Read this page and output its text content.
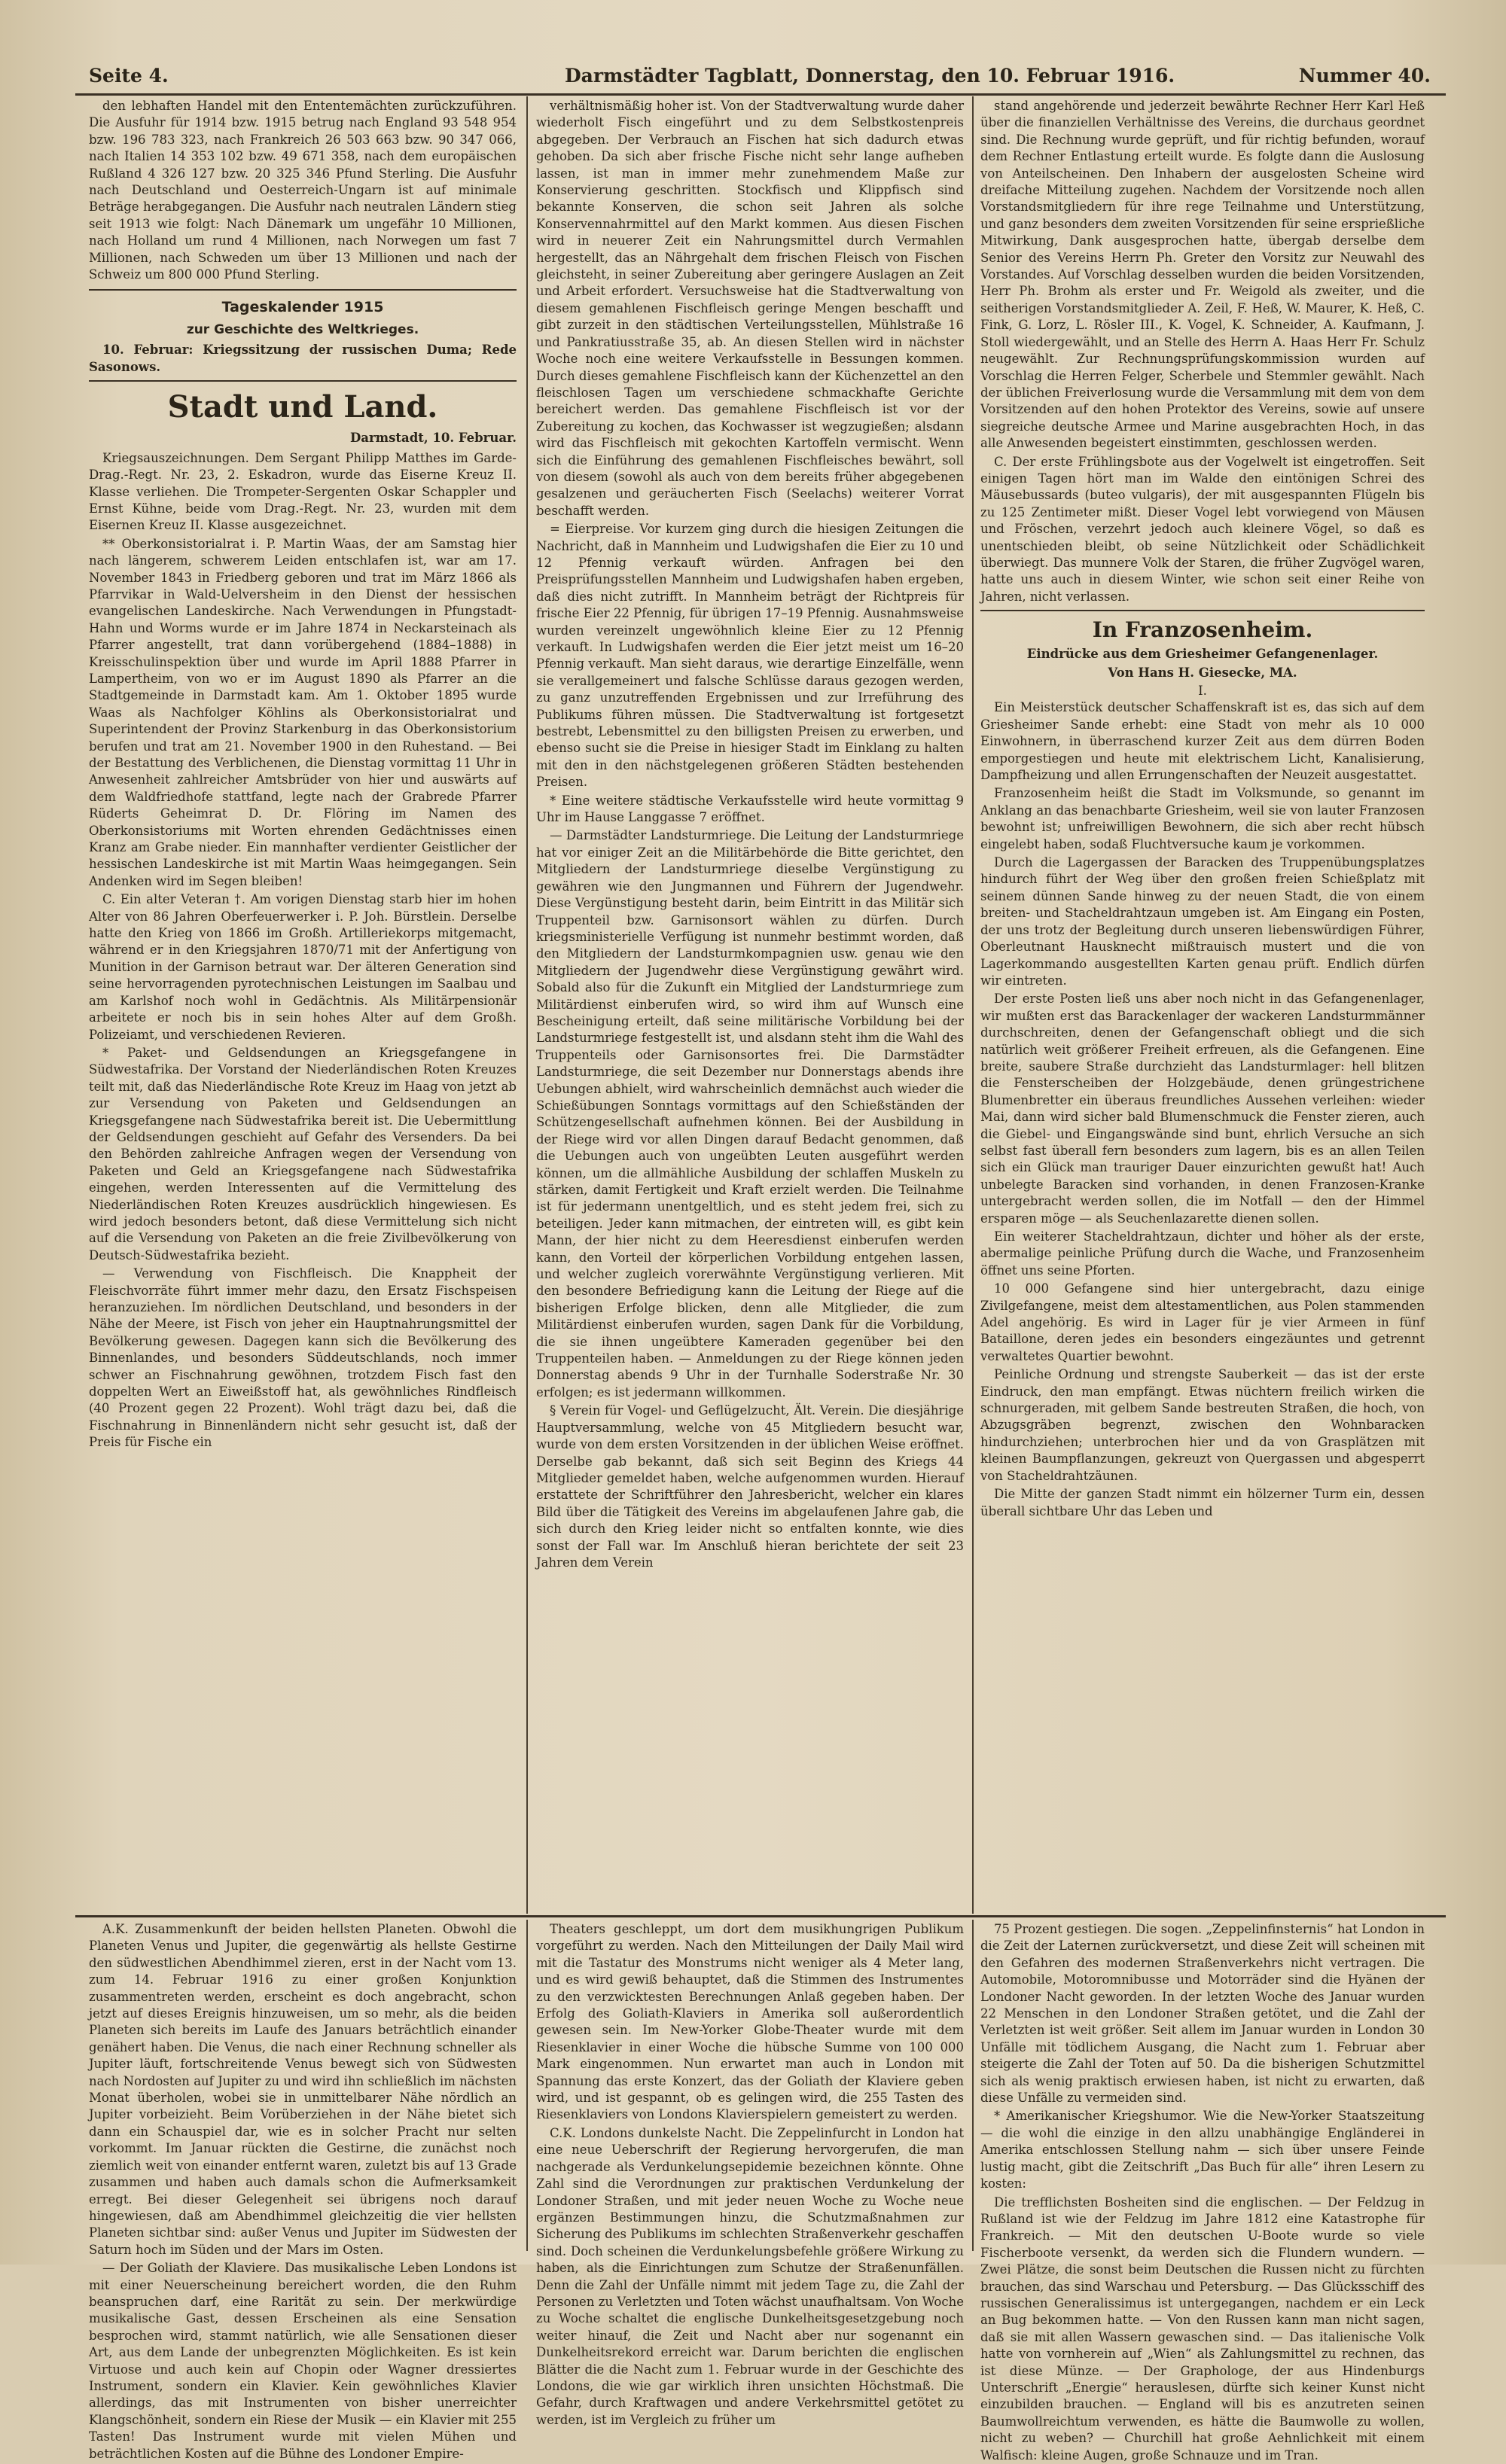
Seite 4.	Darmstädter Tagblatt, Donnerstag, den 10. Februar 1916.	Nummer 40.

den lebhaften Handel mit den Ententemächten zurückzuführen. Die Ausfuhr für 1914 bzw. 1915 betrug nach England 93 548 954 bzw. 196 783 323, nach Frankreich 26 503 663 bzw. 90 347 066, nach Italien 14 353 102 bzw. 49 671 358, nach dem europäischen Rußland 4 326 127 bzw. 20 325 346 Pfund Sterling. Die Ausfuhr nach Deutschland und Oesterreich-Ungarn ist auf minimale Beträge herabgegangen. Die Ausfuhr nach neutralen Ländern stieg seit 1913 wie folgt: Nach Dänemark um ungefähr 10 Millionen, nach Holland um rund 4 Millionen, nach Norwegen um fast 7 Millionen, nach Schweden um über 13 Millionen und nach der Schweiz um 800 000 Pfund Sterling.

Tageskalender 1915
zur Geschichte des Weltkrieges.

10. Februar: Kriegssitzung der russischen Duma; Rede Sasonows.

Stadt und Land.
Darmstadt, 10. Februar.

Kriegsauszeichnungen. Dem Sergant Philipp Matthes im Garde-Drag.-Regt. Nr. 23, 2. Eskadron, wurde das Eiserne Kreuz II. Klasse verliehen. Die Trompeter-Sergenten Oskar Schappler und Ernst Kühne, beide vom Drag.-Regt. Nr. 23, wurden mit dem Eisernen Kreuz II. Klasse ausgezeichnet.

** Oberkonsistorialrat i. P. Martin Waas, der am Samstag hier nach längerem, schwerem Leiden entschlafen ist, war am 17. November 1843 in Friedberg geboren und trat im März 1866 als Pfarrvikar in Wald-Uelversheim in den Dienst der hessischen evangelischen Landeskirche. Nach Verwendungen in Pfungstadt-Hahn und Worms wurde er im Jahre 1874 in Neckarsteinach als Pfarrer angestellt, trat dann vorübergehend (1884–1888) in Kreisschulinspektion über und wurde im April 1888 Pfarrer in Lampertheim, von wo er im August 1890 als Pfarrer an die Stadtgemeinde in Darmstadt kam. Am 1. Oktober 1895 wurde Waas als Nachfolger Köhlins als Oberkonsistorialrat und Superintendent der Provinz Starkenburg in das Oberkonsistorium berufen und trat am 21. November 1900 in den Ruhestand. — Bei der Bestattung des Verblichenen, die Dienstag vormittag 11 Uhr in Anwesenheit zahlreicher Amtsbrüder von hier und auswärts auf dem Waldfriedhofe stattfand, legte nach der Grabrede Pfarrer Rüderts Geheimrat D. Dr. Flöring im Namen des Oberkonsistoriums mit Worten ehrenden Gedächtnisses einen Kranz am Grabe nieder. Ein mannhafter verdienter Geistlicher der hessischen Landeskirche ist mit Martin Waas heimgegangen. Sein Andenken wird im Segen bleiben!

C. Ein alter Veteran †. Am vorigen Dienstag starb hier im hohen Alter von 86 Jahren Oberfeuerwerker i. P. Joh. Bürstlein. Derselbe hatte den Krieg von 1866 im Großh. Artilleriekorps mitgemacht, während er in den Kriegsjahren 1870/71 mit der Anfertigung von Munition in der Garnison betraut war. Der älteren Generation sind seine hervorragenden pyrotechnischen Leistungen im Saalbau und am Karlshof noch wohl in Gedächtnis. Als Militärpensionär arbeitete er noch bis in sein hohes Alter auf dem Großh. Polizeiamt, und verschiedenen Revieren.

* Paket- und Geldsendungen an Kriegsgefangene in Südwestafrika. Der Vorstand der Niederländischen Roten Kreuzes teilt mit, daß das Niederländische Rote Kreuz im Haag von jetzt ab zur Versendung von Paketen und Geldsendungen an Kriegsgefangene nach Südwestafrika bereit ist. Die Uebermittlung der Geldsendungen geschieht auf Gefahr des Versenders. Da bei den Behörden zahlreiche Anfragen wegen der Versendung von Paketen und Geld an Kriegsgefangene nach Südwestafrika eingehen, werden Interessenten auf die Vermittelung des Niederländischen Roten Kreuzes ausdrücklich hingewiesen. Es wird jedoch besonders betont, daß diese Vermittelung sich nicht auf die Versendung von Paketen an die freie Zivilbevölkerung von Deutsch-Südwestafrika bezieht.

— Verwendung von Fischfleisch. Die Knappheit der Fleischvorräte führt immer mehr dazu, den Ersatz Fischspeisen heranzuziehen. Im nördlichen Deutschland, und besonders in der Nähe der Meere, ist Fisch von jeher ein Hauptnahrungsmittel der Bevölkerung gewesen. Dagegen kann sich die Bevölkerung des Binnenlandes, und besonders Süddeutschlands, noch immer schwer an Fischnahrung gewöhnen, trotzdem Fisch fast den doppelten Wert an Eiweißstoff hat, als gewöhnliches Rindfleisch (40 Prozent gegen 22 Prozent). Wohl trägt dazu bei, daß die Fischnahrung in Binnenländern nicht sehr gesucht ist, daß der Preis für Fische ein

verhältnismäßig hoher ist. Von der Stadtverwaltung wurde daher wiederholt Fisch eingeführt und zu dem Selbstkostenpreis abgegeben. Der Verbrauch an Fischen hat sich dadurch etwas gehoben. Da sich aber frische Fische nicht sehr lange aufheben lassen, ist man in immer mehr zunehmendem Maße zur Konservierung geschritten. Stockfisch und Klippfisch sind bekannte Konserven, die schon seit Jahren als solche Konservennahrmittel auf den Markt kommen. Aus diesen Fischen wird in neuerer Zeit ein Nahrungsmittel durch Vermahlen hergestellt, das an Nährgehalt dem frischen Fleisch von Fischen gleichsteht, in seiner Zubereitung aber geringere Auslagen an Zeit und Arbeit erfordert. Versuchsweise hat die Stadtverwaltung von diesem gemahlenen Fischfleisch geringe Mengen beschafft und gibt zurzeit in den städtischen Verteilungsstellen, Mühlstraße 16 und Pankratiusstraße 35, ab. An diesen Stellen wird in nächster Woche noch eine weitere Verkaufsstelle in Bessungen kommen. Durch dieses gemahlene Fischfleisch kann der Küchenzettel an den fleischlosen Tagen um verschiedene schmackhafte Gerichte bereichert werden. Das gemahlene Fischfleisch ist vor der Zubereitung zu kochen, das Kochwasser ist wegzugießen; alsdann wird das Fischfleisch mit gekochten Kartoffeln vermischt. Wenn sich die Einführung des gemahlenen Fischfleisches bewährt, soll von diesem (sowohl als auch von dem bereits früher abgegebenen gesalzenen und geräucherten Fisch (Seelachs) weiterer Vorrat beschafft werden.

= Eierpreise. Vor kurzem ging durch die hiesigen Zeitungen die Nachricht, daß in Mannheim und Ludwigshafen die Eier zu 10 und 12 Pfennig verkauft würden. Anfragen bei den Preisprüfungsstellen Mannheim und Ludwigshafen haben ergeben, daß dies nicht zutrifft. In Mannheim beträgt der Richtpreis für frische Eier 22 Pfennig, für übrigen 17–19 Pfennig. Ausnahmsweise wurden vereinzelt ungewöhnlich kleine Eier zu 12 Pfennig verkauft. In Ludwigshafen werden die Eier jetzt meist um 16–20 Pfennig verkauft. Man sieht daraus, wie derartige Einzelfälle, wenn sie verallgemeinert und falsche Schlüsse daraus gezogen werden, zu ganz unzutreffenden Ergebnissen und zur Irreführung des Publikums führen müssen. Die Stadtverwaltung ist fortgesetzt bestrebt, Lebensmittel zu den billigsten Preisen zu erwerben, und ebenso sucht sie die Preise in hiesiger Stadt im Einklang zu halten mit den in den nächstgelegenen größeren Städten bestehenden Preisen.

* Eine weitere städtische Verkaufsstelle wird heute vormittag 9 Uhr im Hause Langgasse 7 eröffnet.

— Darmstädter Landsturmriege. Die Leitung der Landsturmriege hat vor einiger Zeit an die Militärbehörde die Bitte gerichtet, den Mitgliedern der Landsturmriege dieselbe Vergünstigung zu gewähren wie den Jungmannen und Führern der Jugendwehr. Diese Vergünstigung besteht darin, beim Eintritt in das Militär sich Truppenteil bzw. Garnisonsort wählen zu dürfen. Durch kriegsministerielle Verfügung ist nunmehr bestimmt worden, daß den Mitgliedern der Landsturmkompagnien usw. genau wie den Mitgliedern der Jugendwehr diese Vergünstigung gewährt wird. Sobald also für die Zukunft ein Mitglied der Landsturmriege zum Militärdienst einberufen wird, so wird ihm auf Wunsch eine Bescheinigung erteilt, daß seine militärische Vorbildung bei der Landsturmriege festgestellt ist, und alsdann steht ihm die Wahl des Truppenteils oder Garnisonsortes frei. Die Darmstädter Landsturmriege, die seit Dezember nur Donnerstags abends ihre Uebungen abhielt, wird wahrscheinlich demnächst auch wieder die Schießübungen Sonntags vormittags auf den Schießständen der Schützengesellschaft aufnehmen können. Bei der Ausbildung in der Riege wird vor allen Dingen darauf Bedacht genommen, daß die Uebungen auch von ungeübten Leuten ausgeführt werden können, um die allmähliche Ausbildung der schlaffen Muskeln zu stärken, damit Fertigkeit und Kraft erzielt werden. Die Teilnahme ist für jedermann unentgeltlich, und es steht jedem frei, sich zu beteiligen. Jeder kann mitmachen, der eintreten will, es gibt kein Mann, der hier nicht zu dem Heeresdienst einberufen werden kann, den Vorteil der körperlichen Vorbildung entgehen lassen, und welcher zugleich vorerwähnte Vergünstigung verlieren. Mit den besondere Befriedigung kann die Leitung der Riege auf die bisherigen Erfolge blicken, denn alle Mitglieder, die zum Militärdienst einberufen wurden, sagen Dank für die Vorbildung, die sie ihnen ungeübtere Kameraden gegenüber bei den Truppenteilen haben. — Anmeldungen zu der Riege können jeden Donnerstag abends 9 Uhr in der Turnhalle Soderstraße Nr. 30 erfolgen; es ist jedermann willkommen.

§ Verein für Vogel- und Geflügelzucht, Ält. Verein. Die diesjährige Hauptversammlung, welche von 45 Mitgliedern besucht war, wurde von dem ersten Vorsitzenden in der üblichen Weise eröffnet. Derselbe gab bekannt, daß sich seit Beginn des Kriegs 44 Mitglieder gemeldet haben, welche aufgenommen wurden. Hierauf erstattete der Schriftführer den Jahresbericht, welcher ein klares Bild über die Tätigkeit des Vereins im abgelaufenen Jahre gab, die sich durch den Krieg leider nicht so entfalten konnte, wie dies sonst der Fall war. Im Anschluß hieran berichtete der seit 23 Jahren dem Verein

stand angehörende und jederzeit bewährte Rechner Herr Karl Heß über die finanziellen Verhältnisse des Vereins, die durchaus geordnet sind. Die Rechnung wurde geprüft, und für richtig befunden, worauf dem Rechner Entlastung erteilt wurde. Es folgte dann die Auslosung von Anteilscheinen. Den Inhabern der ausgelosten Scheine wird dreifache Mitteilung zugehen. Nachdem der Vorsitzende noch allen Vorstandsmitgliedern für ihre rege Teilnahme und Unterstützung, und ganz besonders dem zweiten Vorsitzenden für seine ersprießliche Mitwirkung, Dank ausgesprochen hatte, übergab derselbe dem Senior des Vereins Herrn Ph. Greter den Vorsitz zur Neuwahl des Vorstandes. Auf Vorschlag desselben wurden die beiden Vorsitzenden, Herr Ph. Brohm als erster und Fr. Weigold als zweiter, und die seitherigen Vorstandsmitglieder A. Zeil, F. Heß, W. Maurer, K. Heß, C. Fink, G. Lorz, L. Rösler III., K. Vogel, K. Schneider, A. Kaufmann, J. Stoll wiedergewählt, und an Stelle des Herrn A. Haas Herr Fr. Schulz neugewählt. Zur Rechnungsprüfungskommission wurden auf Vorschlag die Herren Felger, Scherbele und Stemmler gewählt. Nach der üblichen Freiverlosung wurde die Versammlung mit dem von dem Vorsitzenden auf den hohen Protektor des Vereins, sowie auf unsere siegreiche deutsche Armee und Marine ausgebrachten Hoch, in das alle Anwesenden begeistert einstimmten, geschlossen werden.

C. Der erste Frühlingsbote aus der Vogelwelt ist eingetroffen. Seit einigen Tagen hört man im Walde den eintönigen Schrei des Mäusebussards (buteo vulgaris), der mit ausgespannten Flügeln bis zu 125 Zentimeter mißt. Dieser Vogel lebt vorwiegend von Mäusen und Fröschen, verzehrt jedoch auch kleinere Vögel, so daß es unentschieden bleibt, ob seine Nützlichkeit oder Schädlichkeit überwiegt. Das munnere Volk der Staren, die früher Zugvögel waren, hatte uns auch in diesem Winter, wie schon seit einer Reihe von Jahren, nicht verlassen.

In Franzosenheim.
Eindrücke aus dem Griesheimer Gefangenenlager.
Von Hans H. Giesecke, MA.
I.

Ein Meisterstück deutscher Schaffenskraft ist es, das sich auf dem Griesheimer Sande erhebt: eine Stadt von mehr als 10 000 Einwohnern, in überraschend kurzer Zeit aus dem dürren Boden emporgestiegen und heute mit elektrischem Licht, Kanalisierung, Dampfheizung und allen Errungenschaften der Neuzeit ausgestattet.

Franzosenheim heißt die Stadt im Volksmunde, so genannt im Anklang an das benachbarte Griesheim, weil sie von lauter Franzosen bewohnt ist; unfreiwilligen Bewohnern, die sich aber recht hübsch eingelebt haben, sodaß Fluchtversuche kaum je vorkommen.

Durch die Lagergassen der Baracken des Truppenübungsplatzes hindurch führt der Weg über den großen freien Schießplatz mit seinem dünnen Sande hinweg zu der neuen Stadt, die von einem breiten- und Stacheldrahtzaun umgeben ist. Am Eingang ein Posten, der uns trotz der Begleitung durch unseren liebenswürdigen Führer, Oberleutnant Hausknecht mißtrauisch mustert und die von Lagerkommando ausgestellten Karten genau prüft. Endlich dürfen wir eintreten.

Der erste Posten ließ uns aber noch nicht in das Gefangenenlager, wir mußten erst das Barackenlager der wackeren Landsturmmänner durchschreiten, denen der Gefangenschaft obliegt und die sich natürlich weit größerer Freiheit erfreuen, als die Gefangenen. Eine breite, saubere Straße durchzieht das Landsturmlager: hell blitzen die Fensterscheiben der Holzgebäude, denen grüngestrichene Blumenbretter ein überaus freundliches Aussehen verleihen: wieder Mai, dann wird sicher bald Blumenschmuck die Fenster zieren, auch die Giebel- und Eingangswände sind bunt, ehrlich Versuche an sich selbst fast überall fern besonders zum lagern, bis es an allen Teilen sich ein Glück man trauriger Dauer einzurichten gewußt hat! Auch unbelegte Baracken sind vorhanden, in denen Franzosen-Kranke untergebracht werden sollen, die im Notfall — den der Himmel ersparen möge — als Seuchenlazarette dienen sollen.

Ein weiterer Stacheldrahtzaun, dichter und höher als der erste, abermalige peinliche Prüfung durch die Wache, und Franzosenheim öffnet uns seine Pforten.

10 000 Gefangene sind hier untergebracht, dazu einige Zivilgefangene, meist dem altestamentlichen, aus Polen stammenden Adel angehörig. Es wird in Lager für je vier Armeen in fünf Bataillone, deren jedes ein besonders eingezäuntes und getrennt verwaltetes Quartier bewohnt.

Peinliche Ordnung und strengste Sauberkeit — das ist der erste Eindruck, den man empfängt. Etwas nüchtern freilich wirken die schnurgeraden, mit gelbem Sande bestreuten Straßen, die hoch, von Abzugsgräben begrenzt, zwischen den Wohnbaracken hindurchziehen; unterbrochen hier und da von Grasplätzen mit kleinen Baumpflanzungen, gekreuzt von Quergassen und abgesperrt von Stacheldrahtzäunen.

Die Mitte der ganzen Stadt nimmt ein hölzerner Turm ein, dessen überall sichtbare Uhr das Leben und

A.K. Zusammenkunft der beiden hellsten Planeten. Obwohl die Planeten Venus und Jupiter, die gegenwärtig als hellste Gestirne den südwestlichen Abendhimmel zieren, erst in der Nacht vom 13. zum 14. Februar 1916 zu einer großen Konjunktion zusammentreten werden, erscheint es doch angebracht, schon jetzt auf dieses Ereignis hinzuweisen, um so mehr, als die beiden Planeten sich bereits im Laufe des Januars beträchtlich einander genähert haben. Die Venus, die nach einer Rechnung schneller als Jupiter läuft, fortschreitende Venus bewegt sich von Südwesten nach Nordosten auf Jupiter zu und wird ihn schließlich im nächsten Monat überholen, wobei sie in unmittelbarer Nähe nördlich an Jupiter vorbeizieht. Beim Vorüberziehen in der Nähe bietet sich dann ein Schauspiel dar, wie es in solcher Pracht nur selten vorkommt. Im Januar rückten die Gestirne, die zunächst noch ziemlich weit von einander entfernt waren, zuletzt bis auf 13 Grade zusammen und haben auch damals schon die Aufmerksamkeit erregt. Bei dieser Gelegenheit sei übrigens noch darauf hingewiesen, daß am Abendhimmel gleichzeitig die vier hellsten Planeten sichtbar sind: außer Venus und Jupiter im Südwesten der Saturn hoch im Süden und der Mars im Osten.

— Der Goliath der Klaviere. Das musikalische Leben Londons ist mit einer Neuerscheinung bereichert worden, die den Ruhm beanspruchen darf, eine Rarität zu sein. Der merkwürdige musikalische Gast, dessen Erscheinen als eine Sensation besprochen wird, stammt natürlich, wie alle Sensationen dieser Art, aus dem Lande der unbegrenzten Möglichkeiten. Es ist kein Virtuose und auch kein auf Chopin oder Wagner dressiertes Instrument, sondern ein Klavier. Kein gewöhnliches Klavier allerdings, das mit Instrumenten von bisher unerreichter Klangschönheit, sondern ein Riese der Musik — ein Klavier mit 255 Tasten! Das Instrument wurde mit vielen Mühen und beträchtlichen Kosten auf die Bühne des Londoner Empire-

Theaters geschleppt, um dort dem musikhungrigen Publikum vorgeführt zu werden. Nach den Mitteilungen der Daily Mail wird mit die Tastatur des Monstrums nicht weniger als 4 Meter lang, und es wird gewiß behauptet, daß die Stimmen des Instrumentes zu den verzwicktesten Berechnungen Anlaß gegeben haben. Der Erfolg des Goliath-Klaviers in Amerika soll außerordentlich gewesen sein. Im New-Yorker Globe-Theater wurde mit dem Riesenklavier in einer Woche die hübsche Summe von 100 000 Mark eingenommen. Nun erwartet man auch in London mit Spannung das erste Konzert, das der Goliath der Klaviere geben wird, und ist gespannt, ob es gelingen wird, die 255 Tasten des Riesenklaviers von Londons Klavierspielern gemeistert zu werden.

C.K. Londons dunkelste Nacht. Die Zeppelinfurcht in London hat eine neue Ueberschrift der Regierung hervorgerufen, die man nachgerade als Verdunkelungsepidemie bezeichnen könnte. Ohne Zahl sind die Verordnungen zur praktischen Verdunkelung der Londoner Straßen, und mit jeder neuen Woche zu Woche neue ergänzen Bestimmungen hinzu, die Schutzmaßnahmen zur Sicherung des Publikums im schlechten Straßenverkehr geschaffen sind. Doch scheinen die Verdunkelungsbefehle größere Wirkung zu haben, als die Einrichtungen zum Schutze der Straßenunfällen. Denn die Zahl der Unfälle nimmt mit jedem Tage zu, die Zahl der Personen zu Verletzten und Toten wächst unaufhaltsam. Von Woche zu Woche schaltet die englische Dunkelheitsgesetzgebung noch weiter hinauf, die Zeit und Nacht aber nur sogenannt ein Dunkelheitsrekord erreicht war. Darum berichten die englischen Blätter die die Nacht zum 1. Februar wurde in der Geschichte des Londons, die wie gar wirklich ihren unsichten Höchstmaß. Die Gefahr, durch Kraftwagen und andere Verkehrsmittel getötet zu werden, ist im Vergleich zu früher um

75 Prozent gestiegen. Die sogen. „Zeppelinfinsternis“ hat London in die Zeit der Laternen zurückversetzt, und diese Zeit will scheinen mit den Gefahren des modernen Straßenverkehrs nicht vertragen. Die Automobile, Motoromnibusse und Motorräder sind die Hyänen der Londoner Nacht geworden. In der letzten Woche des Januar wurden 22 Menschen in den Londoner Straßen getötet, und die Zahl der Verletzten ist weit größer. Seit allem im Januar wurden in London 30 Unfälle mit tödlichem Ausgang, die Nacht zum 1. Februar aber steigerte die Zahl der Toten auf 50. Da die bisherigen Schutzmittel sich als wenig praktisch erwiesen haben, ist nicht zu erwarten, daß diese Unfälle zu vermeiden sind.

* Amerikanischer Kriegshumor. Wie die New-Yorker Staatszeitung — die wohl die einzige in den allzu unabhängige Engländerei in Amerika entschlossen Stellung nahm — sich über unsere Feinde lustig macht, gibt die Zeitschrift „Das Buch für alle“ ihren Lesern zu kosten:

Die trefflichsten Bosheiten sind die englischen. — Der Feldzug in Rußland ist wie der Feldzug im Jahre 1812 eine Katastrophe für Frankreich. — Mit den deutschen U-Boote wurde so viele Fischerboote versenkt, da werden sich die Flundern wundern. — Zwei Plätze, die sonst beim Deutschen die Russen nicht zu fürchten brauchen, das sind Warschau und Petersburg. — Das Glücksschiff des russischen Generalissimus ist untergegangen, nachdem er ein Leck an Bug bekommen hatte. — Von den Russen kann man nicht sagen, daß sie mit allen Wassern gewaschen sind. — Das italienische Volk hatte von vornherein auf „Wien“ als Zahlungsmittel zu rechnen, das ist diese Münze. — Der Graphologe, der aus Hindenburgs Unterschrift „Energie“ herauslesen, dürfte sich keiner Kunst nicht einzubilden brauchen. — England will bis es anzutreten seinen Baumwollreichtum verwenden, es hätte die Baumwolle zu wollen, nicht zu weben? — Churchill hat große Aehnlichkeit mit einem Walfisch: kleine Augen, große Schnauze und im Tran.
